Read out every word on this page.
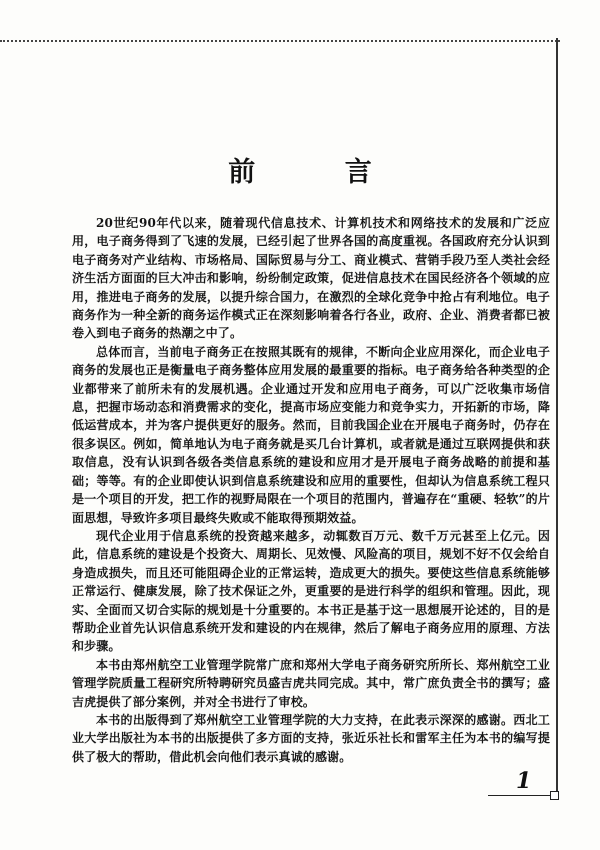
前 言

20世纪90年代以来，随着现代信息技术、计算机技术和网络技术的发展和广泛应用，电子商务得到了飞速的发展，已经引起了世界各国的高度重视。各国政府充分认识到电子商务对产业结构、市场格局、国际贸易与分工、商业模式、营销手段乃至人类社会经济生活方面面的巨大冲击和影响，纷纷制定政策，促进信息技术在国民经济各个领域的应用，推进电子商务的发展，以提升综合国力，在激烈的全球化竞争中抢占有利地位。电子商务作为一种全新的商务运作模式正在深刻影响着各行各业，政府、企业、消费者都已被卷入到电子商务的热潮之中了。

总体而言，当前电子商务正在按照其既有的规律，不断向企业应用深化，而企业电子商务的发展也正是衡量电子商务整体应用发展的最重要的指标。电子商务给各种类型的企业都带来了前所未有的发展机遇。企业通过开发和应用电子商务，可以广泛收集市场信息，把握市场动态和消费需求的变化，提高市场应变能力和竞争实力，开拓新的市场，降低运营成本，并为客户提供更好的服务。然而，目前我国企业在开展电子商务时，仍存在很多误区。例如，简单地认为电子商务就是买几台计算机，或者就是通过互联网提供和获取信息，没有认识到各级各类信息系统的建设和应用才是开展电子商务战略的前提和基础；等等。有的企业即使认识到信息系统建设和应用的重要性，但却认为信息系统工程只是一个项目的开发，把工作的视野局限在一个项目的范围内，普遍存在“重硬、轻软”的片面思想，导致许多项目最终失败或不能取得预期效益。

现代企业用于信息系统的投资越来越多，动辄数百万元、数千万元甚至上亿元。因此，信息系统的建设是个投资大、周期长、见效慢、风险高的项目，规划不好不仅会给自身造成损失，而且还可能阻碍企业的正常运转，造成更大的损失。要使这些信息系统能够正常运行、健康发展，除了技术保证之外，更重要的是进行科学的组织和管理。因此，现实、全面而又切合实际的规划是十分重要的。本书正是基于这一思想展开论述的，目的是帮助企业首先认识信息系统开发和建设的内在规律，然后了解电子商务应用的原理、方法和步骤。

本书由郑州航空工业管理学院常广庶和郑州大学电子商务研究所所长、郑州航空工业管理学院质量工程研究所特聘研究员盛吉虎共同完成。其中，常广庶负责全书的撰写；盛吉虎提供了部分案例，并对全书进行了审校。

本书的出版得到了郑州航空工业管理学院的大力支持，在此表示深深的感谢。西北工业大学出版社为本书的出版提供了多方面的支持，张近乐社长和雷军主任为本书的编写提供了极大的帮助，借此机会向他们表示真诚的感谢。

1
